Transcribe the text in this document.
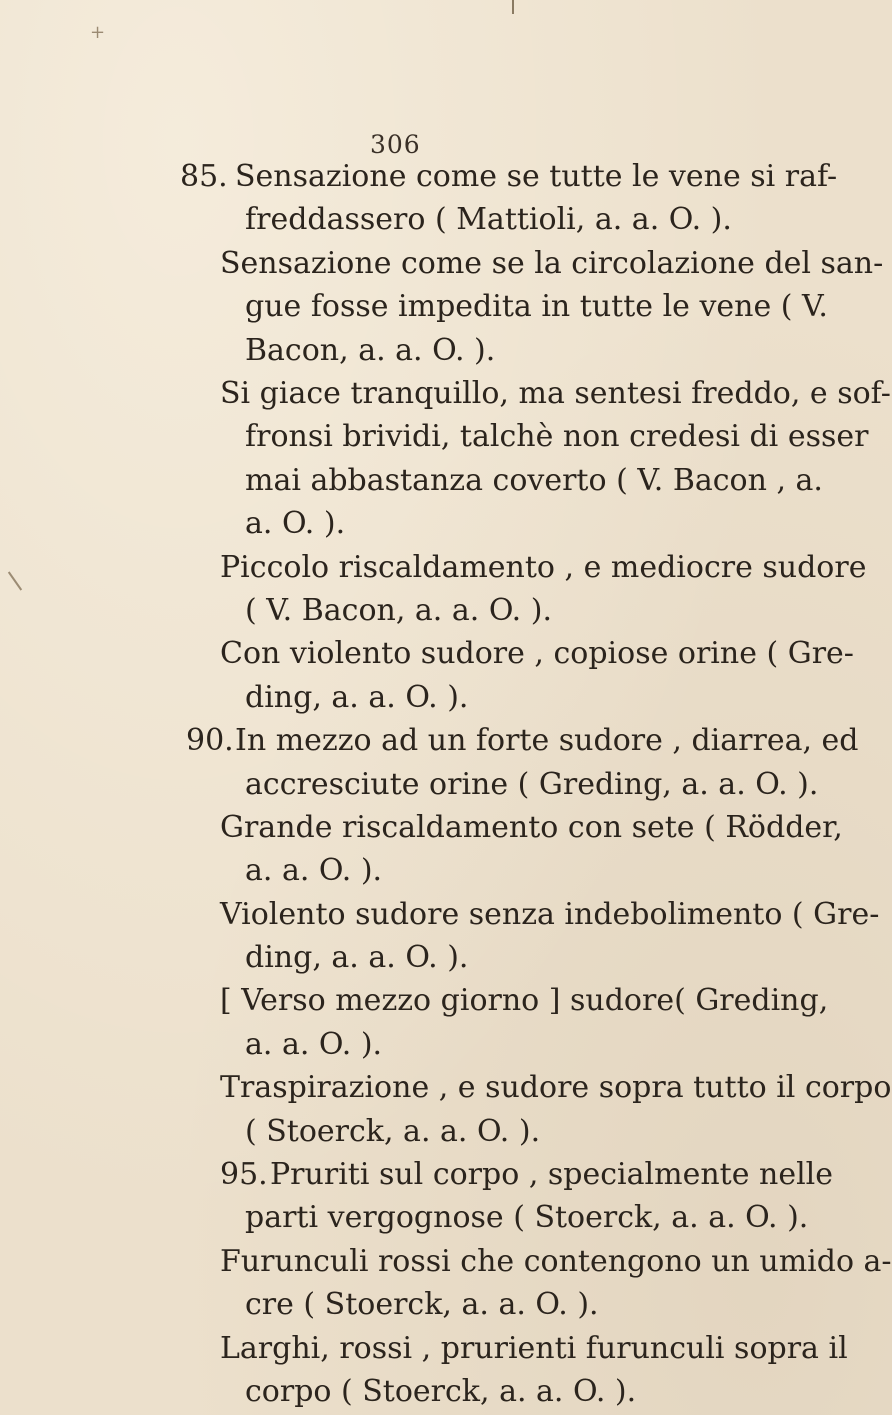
+
306
85. Sensazione come se tutte le vene si raf-
freddassero ( Mattioli, a. a. O. ).
Sensazione come se la circolazione del san-
gue fosse impedita in tutte le vene ( V.
Bacon, a. a. O. ).
Si giace tranquillo, ma sentesi freddo, e sof-
fronsi brividi, talchè non credesi di esser
mai abbastanza coverto ( V. Bacon , a.
a. O. ).
Piccolo riscaldamento , e mediocre sudore
( V. Bacon, a. a. O. ).
Con violento sudore , copiose orine ( Gre-
ding, a. a. O. ).
90. In mezzo ad un forte sudore , diarrea, ed
accresciute orine ( Greding, a. a. O. ).
Grande riscaldamento con sete ( Rödder,
a. a. O. ).
Violento sudore senza indebolimento ( Gre-
ding, a. a. O. ).
[ Verso mezzo giorno ] sudore( Greding,
a. a. O. ).
Traspirazione , e sudore sopra tutto il corpo
( Stoerck, a. a. O. ).
95. Pruriti sul corpo , specialmente nelle
parti vergognose ( Stoerck, a. a. O. ).
Furunculi rossi che contengono un umido a-
cre ( Stoerck, a. a. O. ).
Larghi, rossi , prurienti furunculi sopra il
corpo ( Stoerck, a. a. O. ).
